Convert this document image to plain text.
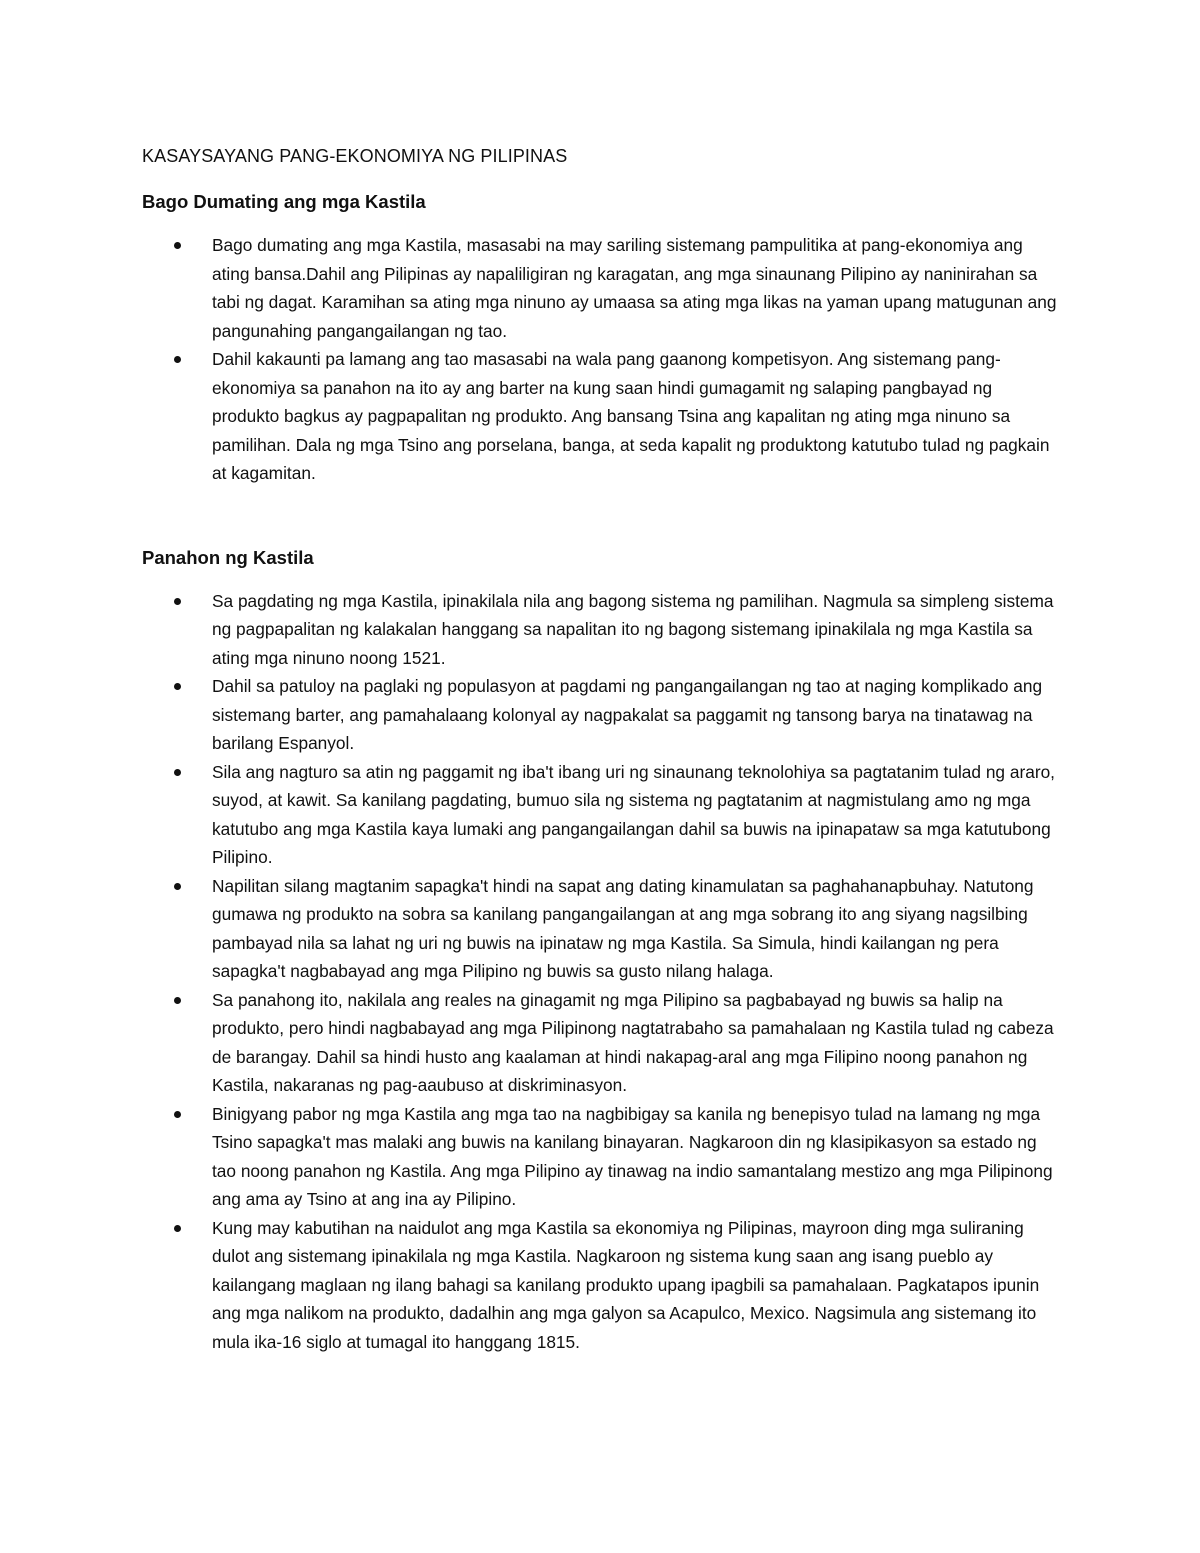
KASAYSAYANG PANG-EKONOMIYA NG PILIPINAS
Bago Dumating ang mga Kastila
Bago dumating ang mga Kastila, masasabi na may sariling sistemang pampulitika at pang-ekonomiya ang ating bansa.Dahil ang Pilipinas ay napaliligiran ng karagatan, ang mga sinaunang Pilipino ay naninirahan sa tabi ng dagat. Karamihan sa ating mga ninuno ay umaasa sa ating mga likas na yaman upang matugunan ang pangunahing pangangailangan ng tao.
Dahil kakaunti pa lamang ang tao masasabi na wala pang gaanong kompetisyon. Ang sistemang pang-ekonomiya sa panahon na ito ay ang barter na kung saan hindi gumagamit ng salaping pangbayad ng produkto bagkus ay pagpapalitan ng produkto. Ang bansang Tsina ang kapalitan ng ating mga ninuno sa pamilihan. Dala ng mga Tsino ang porselana, banga, at seda kapalit ng produktong katutubo tulad ng pagkain at kagamitan.
Panahon ng Kastila
Sa pagdating ng mga Kastila, ipinakilala nila ang bagong sistema ng pamilihan. Nagmula sa simpleng sistema ng pagpapalitan ng kalakalan hanggang sa napalitan ito ng bagong sistemang ipinakilala ng mga Kastila sa ating mga ninuno noong 1521.
Dahil sa patuloy na paglaki ng populasyon at pagdami ng pangangailangan ng tao at naging komplikado ang sistemang barter, ang pamahalaang kolonyal ay nagpakalat sa paggamit ng tansong barya na tinatawag na barilang Espanyol.
Sila ang nagturo sa atin ng paggamit ng iba't ibang uri ng sinaunang teknolohiya sa pagtatanim tulad ng araro, suyod, at kawit. Sa kanilang pagdating, bumuo sila ng sistema ng pagtatanim at nagmistulang amo ng mga katutubo ang mga Kastila kaya lumaki ang pangangailangan dahil sa buwis na ipinapataw sa mga katutubong Pilipino.
Napilitan silang magtanim sapagka't hindi na sapat ang dating kinamulatan sa paghahanapbuhay. Natutong gumawa ng produkto na sobra sa kanilang pangangailangan at ang mga sobrang ito ang siyang nagsilbing pambayad nila sa lahat ng uri ng buwis na ipinataw ng mga Kastila. Sa Simula, hindi kailangan ng pera sapagka't nagbabayad ang mga Pilipino ng buwis sa gusto nilang halaga.
Sa panahong ito, nakilala ang reales na ginagamit ng mga Pilipino sa pagbabayad ng buwis sa halip na produkto, pero hindi nagbabayad ang mga Pilipinong nagtatrabaho sa pamahalaan ng Kastila tulad ng cabeza de barangay. Dahil sa hindi husto ang kaalaman at hindi nakapag-aral ang mga Filipino noong panahon ng Kastila, nakaranas ng pag-aaubuso at diskriminasyon.
Binigyang pabor ng mga Kastila ang mga tao na nagbibigay sa kanila ng benepisyo tulad na lamang ng mga Tsino sapagka't mas malaki ang buwis na kanilang binayaran. Nagkaroon din ng klasipikasyon sa estado ng tao noong panahon ng Kastila. Ang mga Pilipino ay tinawag na indio samantalang mestizo ang mga Pilipinong ang ama ay Tsino at ang ina ay Pilipino.
Kung may kabutihan na naidulot ang mga Kastila sa ekonomiya ng Pilipinas, mayroon ding mga suliraning dulot ang sistemang ipinakilala ng mga Kastila. Nagkaroon ng sistema kung saan ang isang pueblo ay kailangang maglaan ng ilang bahagi sa kanilang produkto upang ipagbili sa pamahalaan. Pagkatapos ipunin ang mga nalikom na produkto, dadalhin ang mga galyon sa Acapulco, Mexico. Nagsimula ang sistemang ito mula ika-16 siglo at tumagal ito hanggang 1815.
